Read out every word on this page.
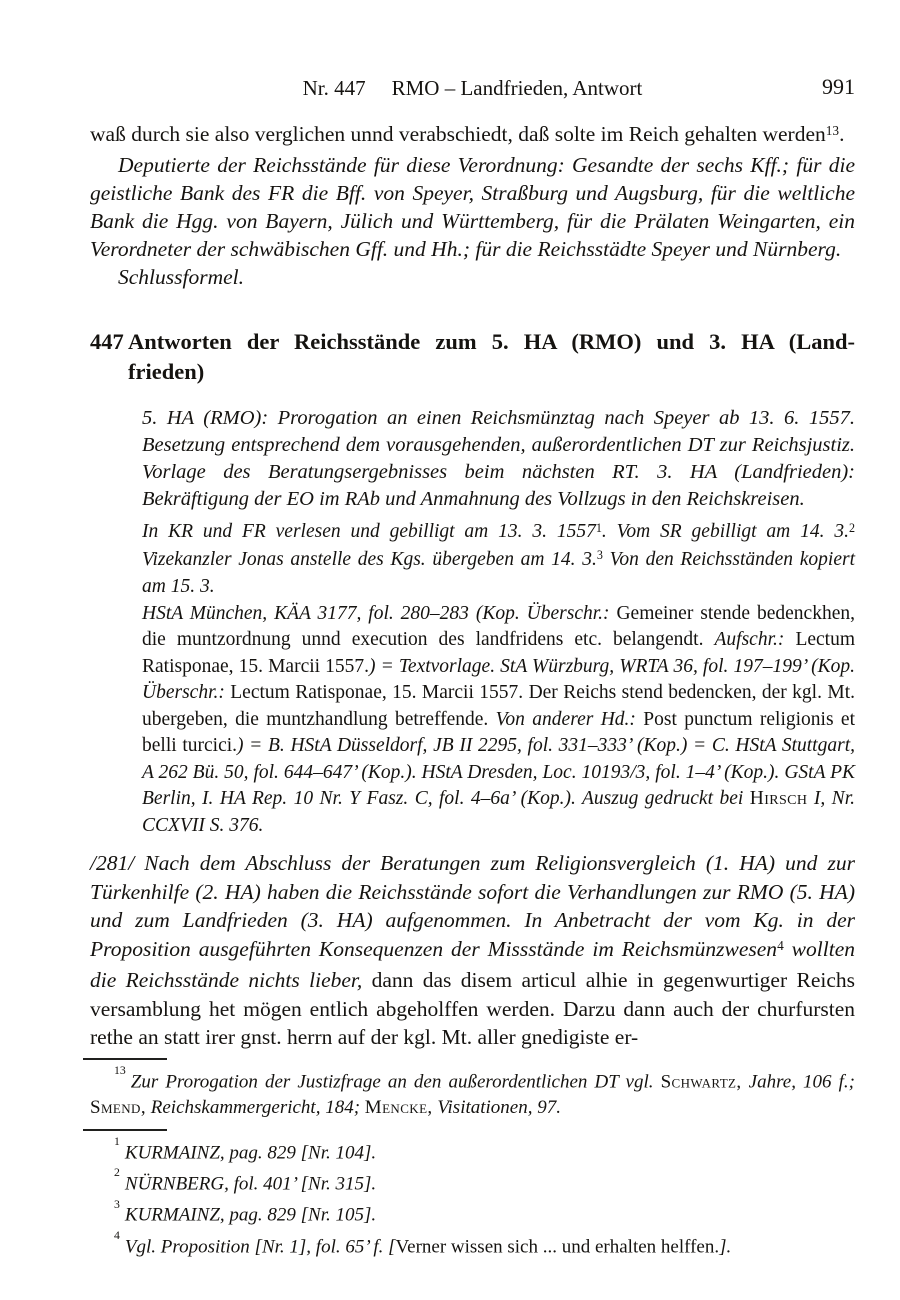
Nr. 447 RMO – Landfrieden, Antwort	991

waß durch sie also verglichen unnd verabschiedt, daß solte im Reich gehalten werden$^{13}$.

Deputierte der Reichsstände für diese Verordnung: Gesandte der sechs Kff.; für die geistliche Bank des FR die Bff. von Speyer, Straßburg und Augsburg, für die weltliche Bank die Hgg. von Bayern, Jülich und Württemberg, für die Prälaten Weingarten, ein Verordneter der schwäbischen Gff. und Hh.; für die Reichsstädte Speyer und Nürnberg.

Schlussformel.

447 Antworten der Reichsstände zum 5. HA (RMO) und 3. HA (Land-
frieden)

5. HA (RMO): Prorogation an einen Reichsmünztag nach Speyer ab 13. 6. 1557. Besetzung entsprechend dem vorausgehenden, außerordentlichen DT zur Reichsjustiz. Vorlage des Beratungsergebnisses beim nächsten RT. 3. HA (Landfrieden): Bekräftigung der EO im RAb und Anmahnung des Vollzugs in den Reichskreisen.

In KR und FR verlesen und gebilligt am 13. 3. 1557$^1$. Vom SR gebilligt am 14. 3.$^2$ Vizekanzler Jonas anstelle des Kgs. übergeben am 14. 3.$^3$ Von den Reichsständen kopiert am 15. 3.

HStA München, KÄA 3177, fol. 280–283 (Kop. Überschr.: Gemeiner stende bedenckhen, die muntzordnung unnd execution des landfridens etc. belangendt. Aufschr.: Lectum Ratisponae, 15. Marcii 1557.) = Textvorlage. StA Würzburg, WRTA 36, fol. 197–199’ (Kop. Überschr.: Lectum Ratisponae, 15. Marcii 1557. Der Reichs stend bedencken, der kgl. Mt. ubergeben, die muntzhandlung betreffende. Von anderer Hd.: Post punctum religionis et belli turcici.) = B. HStA Düsseldorf, JB II 2295, fol. 331–333’ (Kop.) = C. HStA Stuttgart, A 262 Bü. 50, fol. 644–647’ (Kop.). HStA Dresden, Loc. 10193/3, fol. 1–4’ (Kop.). GStA PK Berlin, I. HA Rep. 10 Nr. Y Fasz. C, fol. 4–6a’ (Kop.). Auszug gedruckt bei Hirsch I, Nr. CCXVII S. 376.

/281/ Nach dem Abschluss der Beratungen zum Religionsvergleich (1. HA) und zur Türkenhilfe (2. HA) haben die Reichsstände sofort die Verhandlungen zur RMO (5. HA) und zum Landfrieden (3. HA) aufgenommen. In Anbetracht der vom Kg. in der Proposition ausgeführten Konsequenzen der Missstände im Reichsmünzwesen$^4$ wollten die Reichsstände nichts lieber, dann das disem articul alhie in gegenwurtiger Reichs versamblung het mögen entlich abgeholffen werden. Darzu dann auch der churfursten rethe an statt irer gnst. herrn auf der kgl. Mt. aller gnedigiste er-

$^{13}$Zur Prorogation der Justizfrage an den außerordentlichen DT vgl. Schwartz, Jahre, 106 f.; Smend, Reichskammergericht, 184; Mencke, Visitationen, 97.

$^1$KURMAINZ, pag. 829 [Nr. 104].

$^2$NÜRNBERG, fol. 401’ [Nr. 315].

$^3$KURMAINZ, pag. 829 [Nr. 105].

$^4$Vgl. Proposition [Nr. 1], fol. 65’ f. [Verner wissen sich ... und erhalten helffen.].
